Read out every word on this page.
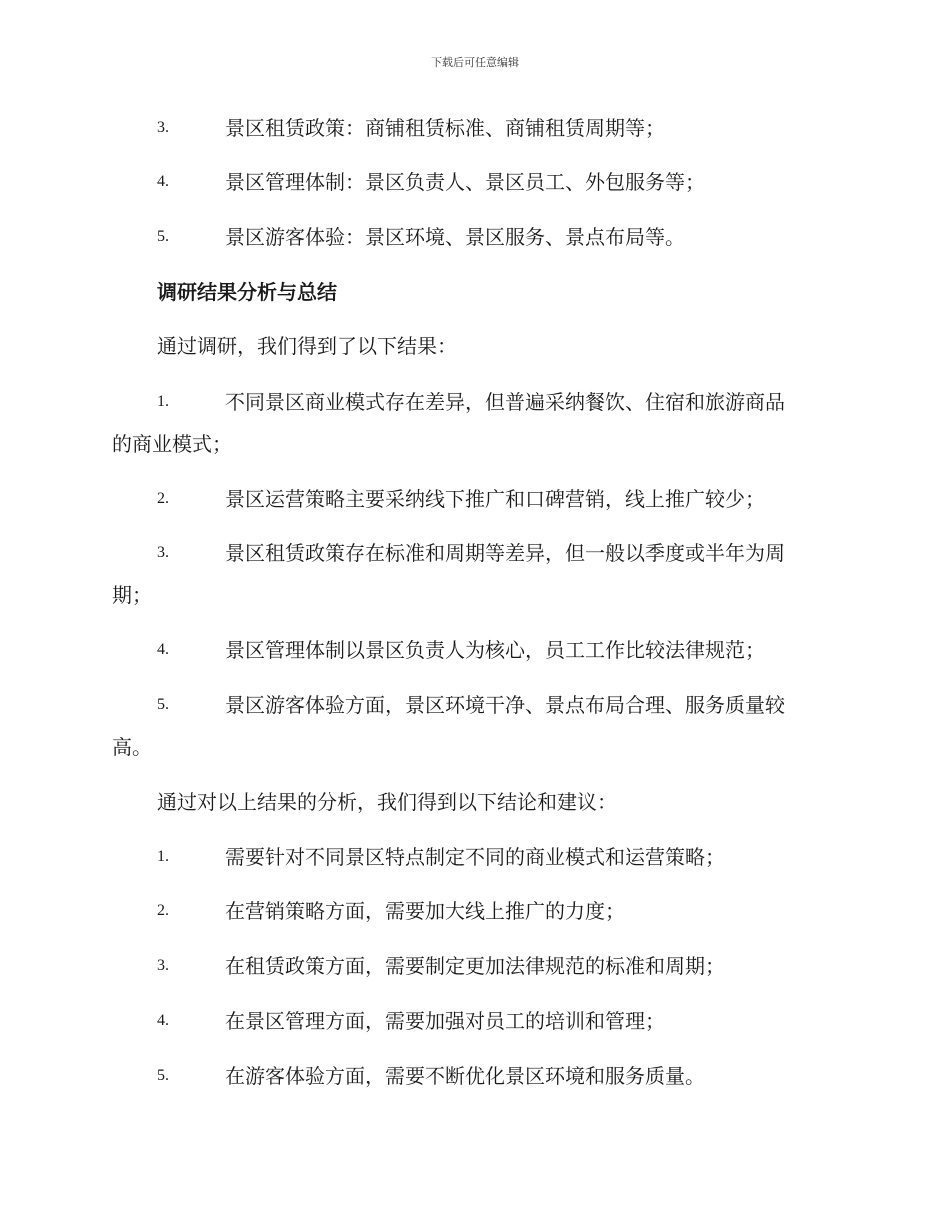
下载后可任意编辑
3.	景区租赁政策：商铺租赁标准、商铺租赁周期等；
4.	景区管理体制：景区负责人、景区员工、外包服务等；
5.	景区游客体验：景区环境、景区服务、景点布局等。
调研结果分析与总结
通过调研，我们得到了以下结果：
1.	不同景区商业模式存在差异，但普遍采纳餐饮、住宿和旅游商品
的商业模式；
2.	景区运营策略主要采纳线下推广和口碑营销，线上推广较少；
3.	景区租赁政策存在标准和周期等差异，但一般以季度或半年为周
期；
4.	景区管理体制以景区负责人为核心，员工工作比较法律规范；
5.	景区游客体验方面，景区环境干净、景点布局合理、服务质量较
高。
通过对以上结果的分析，我们得到以下结论和建议：
1.	需要针对不同景区特点制定不同的商业模式和运营策略；
2.	在营销策略方面，需要加大线上推广的力度；
3.	在租赁政策方面，需要制定更加法律规范的标准和周期；
4.	在景区管理方面，需要加强对员工的培训和管理；
5.	在游客体验方面，需要不断优化景区环境和服务质量。
